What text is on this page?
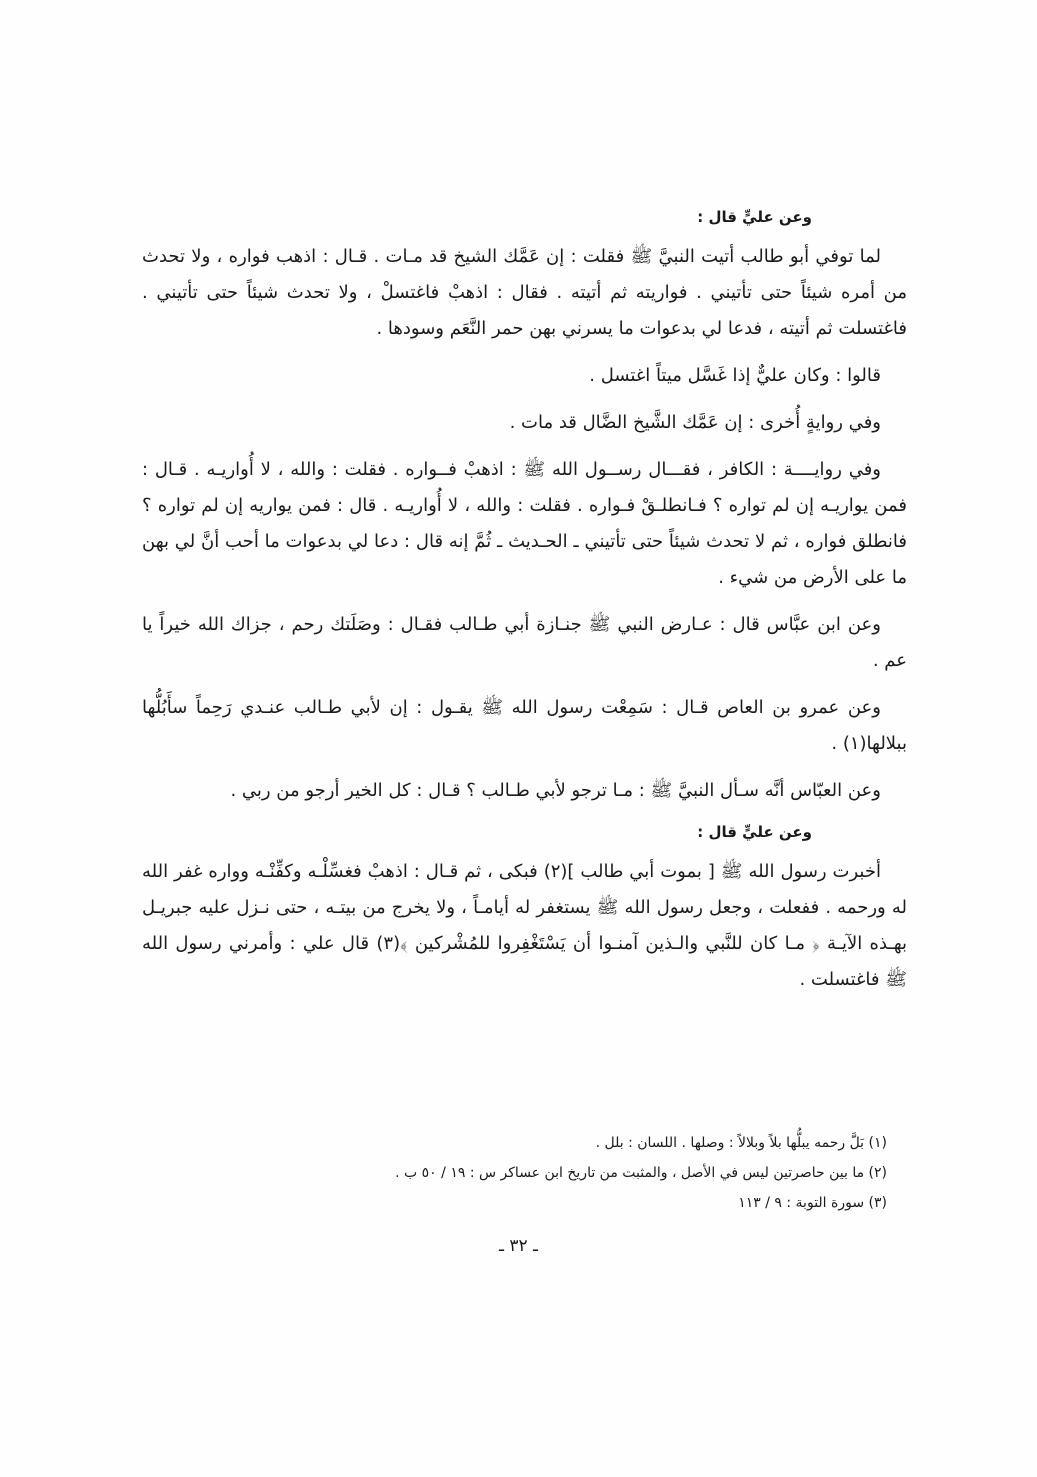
وعن عليٍّ قال :

لما توفي أبو طالب أتيت النبيَّ ﷺ فقلت : إن عَمَّك الشيخ قد مـات . قـال : اذهب فواره ، ولا تحدث من أمره شيئاً حتى تأتيني . فواريته ثم أتيته . فقال : اذهبْ فاغتسلْ ، ولا تحدث شيئاً حتى تأتيني . فاغتسلت ثم أتيته ، فدعا لي بدعوات ما يسرني بهن حمر النَّعَم وسودها .

قالوا : وكان عليٌّ إذا غَسَّل ميتاً اغتسل .

وفي روايةٍ أُخرى : إن عَمَّك الشَّيخ الضَّال قد مات .

وفي روايــــة : الكافر ، فقـــال رســول الله ﷺ : اذهبْ فــواره . فقلت : والله ، لا أُواريـه . قـال : فمن يواريـه إن لم تواره ؟ فـانطلـقْ فـواره . فقلت : والله ، لا أُواريـه . قال : فمن يواريه إن لم تواره ؟ فانطلق فواره ، ثم لا تحدث شيئاً حتى تأتيني ـ الحـديث ـ ثُمَّ إنه قال : دعا لي بدعوات ما أحب أنَّ لي بهن ما على الأرض من شيء .

وعن ابن عبَّاس قال : عـارض النبي ﷺ جنـازة أبي طـالب فقـال : وصَلَتك رحم ، جزاك الله خيراً يا عم .

وعن عمرو بن العاص قـال : سَمِعْت رسول الله ﷺ يقـول : إن لأبي طـالب عنـدي رَحِماً سأَبُلُّها ببلالها(١) .

وعن العبّاس أنَّه سـأل النبيَّ ﷺ : مـا ترجو لأبي طـالب ؟ قـال : كل الخير أرجو من ربي .

وعن عليٍّ قال :

أخبرت رسول الله ﷺ [ بموت أبي طالب ](٢) فبكى ، ثم قـال : اذهبْ فغسِّلْـه وكفِّنْـه وواره غفر الله له ورحمه . ففعلت ، وجعل رسول الله ﷺ يستغفر له أيامـاً ، ولا يخرج من بيتـه ، حتى نـزل عليه جبريـل بهـذه الآيـة ﴿ مـا كان للنَّبي والـذين آمنـوا أن يَسْتَغْفِروا للمُشْركين ﴾(٣) قال علي : وأمرني رسول الله ﷺ فاغتسلت .

(١) بَلَّ رحمه يبلُّها بلاً وبلالاً : وصلها . اللسان : بلل .

(٢) ما بين حاصرتين ليس في الأصل ، والمثبت من تاريخ ابن عساكر س : ١٩ / ٥٠ ب .

(٣) سورة التوبة : ٩ / ١١٣

ـ ٣٢ ـ
